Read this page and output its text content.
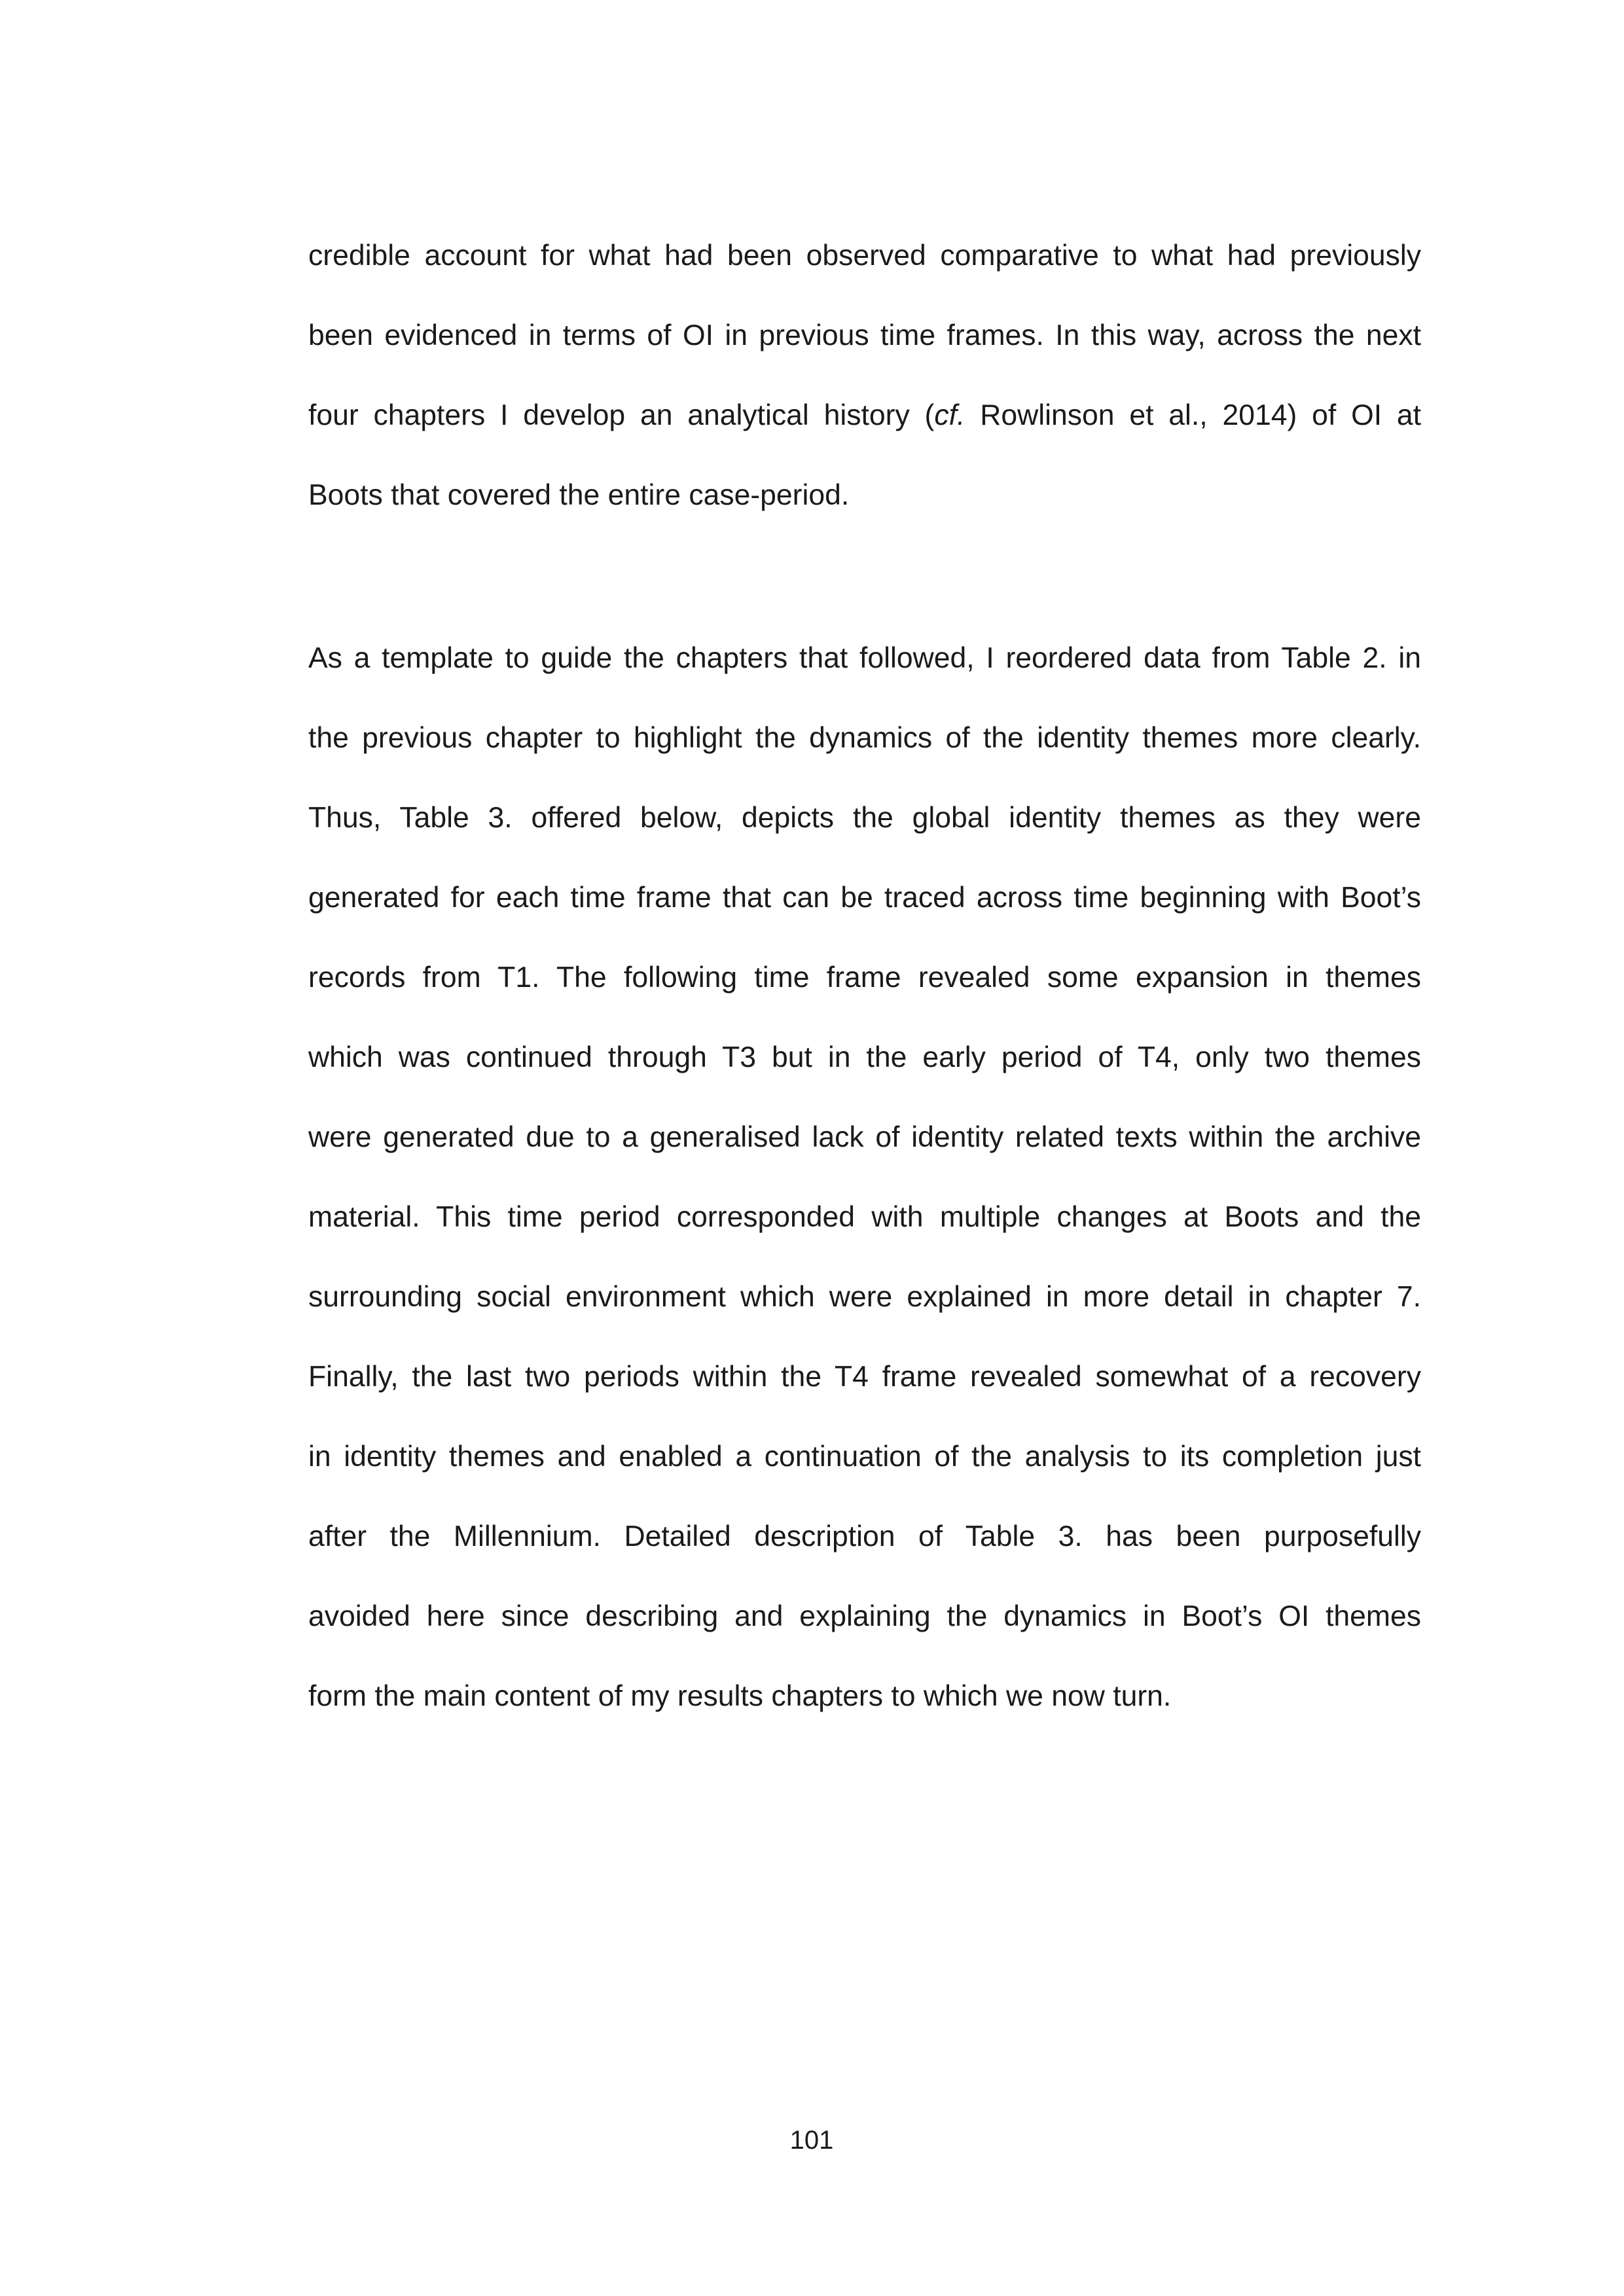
credible account for what had been observed comparative to what had previously
been evidenced in terms of OI in previous time frames. In this way, across the next
four chapters I develop an analytical history (cf. Rowlinson et al., 2014) of OI at
Boots that covered the entire case-period.
As a template to guide the chapters that followed, I reordered data from Table 2. in
the previous chapter to highlight the dynamics of the identity themes more clearly.
Thus, Table 3. offered below, depicts the global identity themes as they were
generated for each time frame that can be traced across time beginning with Boot’s
records from T1. The following time frame revealed some expansion in themes
which was continued through T3 but in the early period of T4, only two themes
were generated due to a generalised lack of identity related texts within the archive
material. This time period corresponded with multiple changes at Boots and the
surrounding social environment which were explained in more detail in chapter 7.
Finally, the last two periods within the T4 frame revealed somewhat of a recovery
in identity themes and enabled a continuation of the analysis to its completion just
after the Millennium. Detailed description of Table 3. has been purposefully
avoided here since describing and explaining the dynamics in Boot’s OI themes
form the main content of my results chapters to which we now turn.
101
